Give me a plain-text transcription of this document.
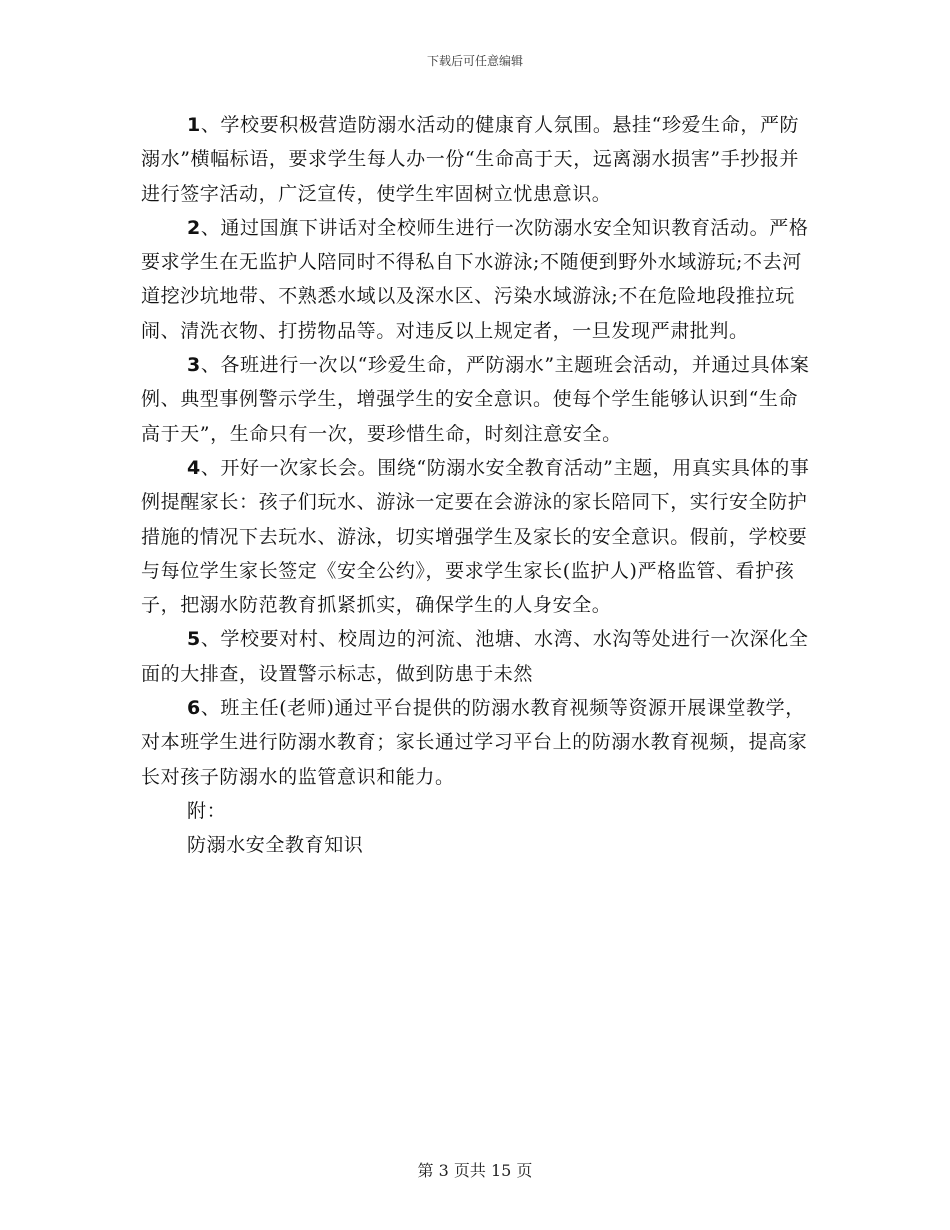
下载后可任意编辑

1、学校要积极营造防溺水活动的健康育人氛围。悬挂“珍爱生命，严防溺水”横幅标语，要求学生每人办一份“生命高于天，远离溺水损害”手抄报并进行签字活动，广泛宣传，使学生牢固树立忧患意识。

2、通过国旗下讲话对全校师生进行一次防溺水安全知识教育活动。严格要求学生在无监护人陪同时不得私自下水游泳;不随便到野外水域游玩;不去河道挖沙坑地带、不熟悉水域以及深水区、污染水域游泳;不在危险地段推拉玩闹、清洗衣物、打捞物品等。对违反以上规定者，一旦发现严肃批判。

3、各班进行一次以“珍爱生命，严防溺水”主题班会活动，并通过具体案例、典型事例警示学生，增强学生的安全意识。使每个学生能够认识到“生命高于天”，生命只有一次，要珍惜生命，时刻注意安全。

4、开好一次家长会。围绕“防溺水安全教育活动”主题，用真实具体的事例提醒家长：孩子们玩水、游泳一定要在会游泳的家长陪同下，实行安全防护措施的情况下去玩水、游泳，切实增强学生及家长的安全意识。假前，学校要与每位学生家长签定《安全公约》，要求学生家长(监护人)严格监管、看护孩子，把溺水防范教育抓紧抓实，确保学生的人身安全。

5、学校要对村、校周边的河流、池塘、水湾、水沟等处进行一次深化全面的大排查，设置警示标志，做到防患于未然

6、班主任(老师)通过平台提供的防溺水教育视频等资源开展课堂教学，对本班学生进行防溺水教育；家长通过学习平台上的防溺水教育视频，提高家长对孩子防溺水的监管意识和能力。

附：

防溺水安全教育知识

第 3 页共 15 页
